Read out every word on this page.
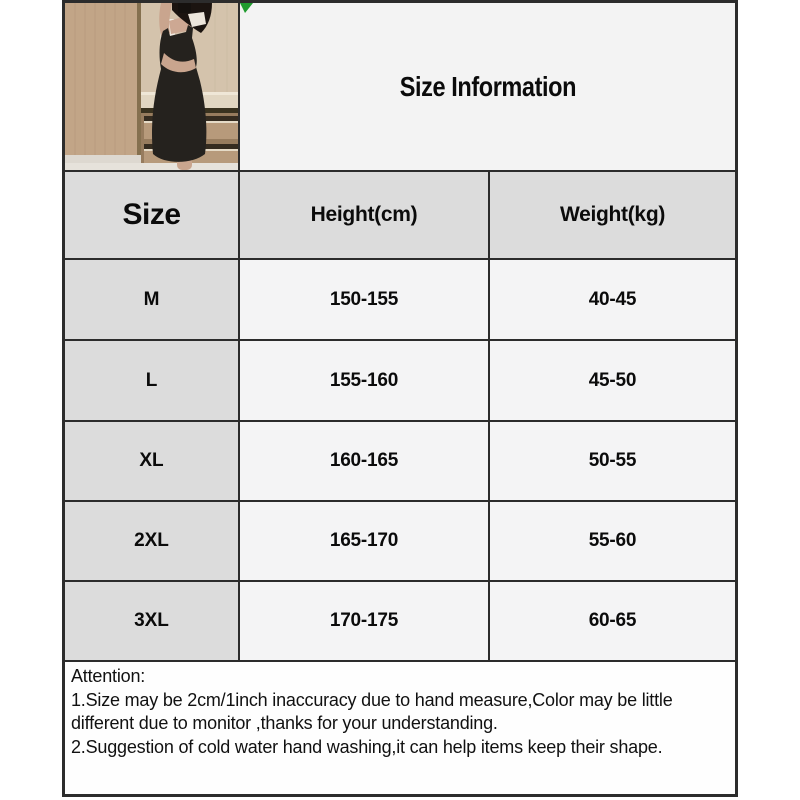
Size Information
Size	Height(cm)	Weight(kg)
M	150-155	40-45
L	155-160	45-50
XL	160-165	50-55
2XL	165-170	55-60
3XL	170-175	60-65
Attention:
1.Size may be 2cm/1inch inaccuracy due to hand measure,Color may be little
different due to monitor ,thanks for your understanding.
2.Suggestion of cold water hand washing,it can help items keep their shape.
